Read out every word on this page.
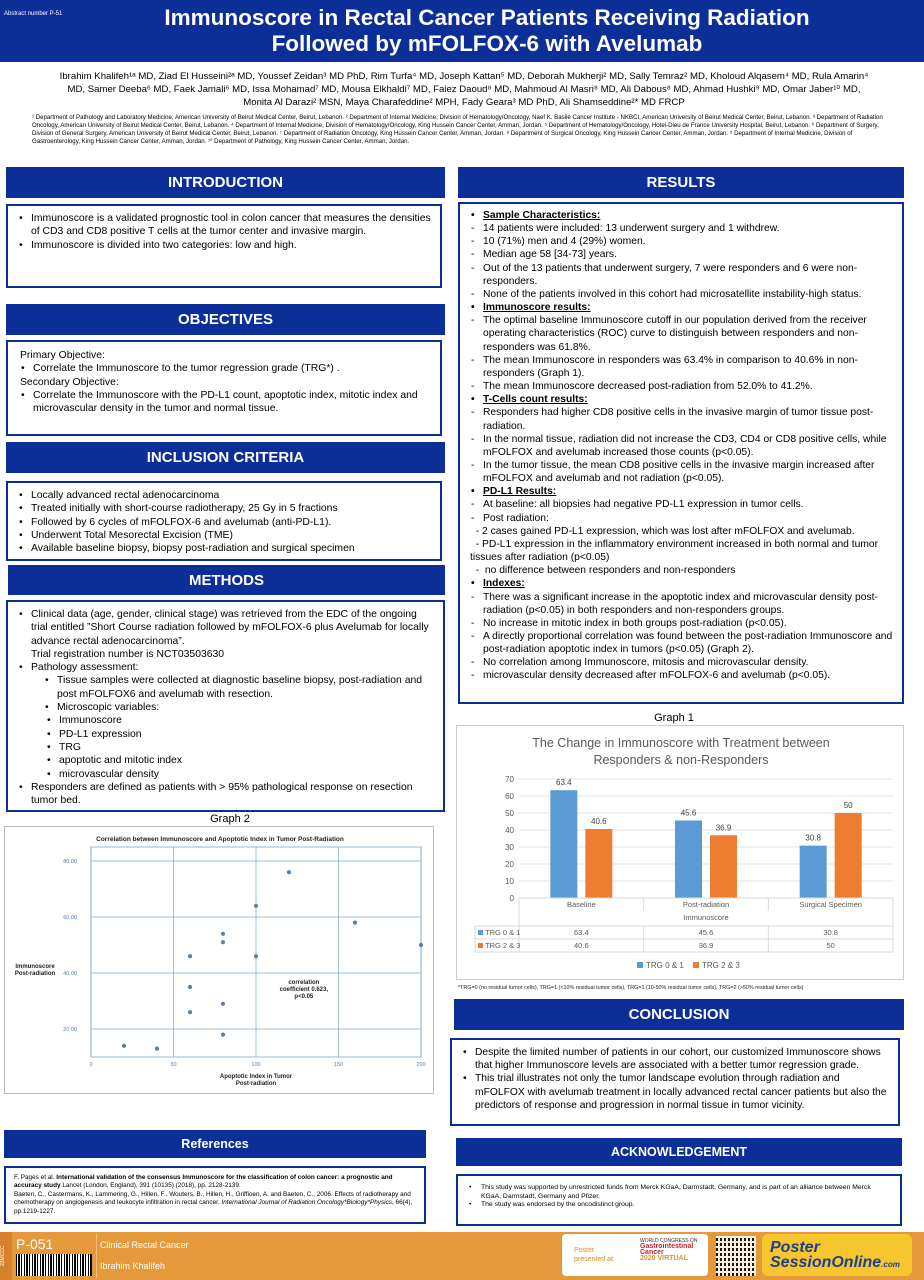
Abstract number P-51	Immunoscore in Rectal Cancer Patients Receiving Radiation
Followed by mFOLFOX-6 with Avelumab
Ibrahim Khalifeh¹ᵃ MD, Ziad El Husseini²ᵃ MD, Youssef Zeidan³ MD PhD, Rim Turfa⁴ MD, Joseph Kattan⁵ MD, Deborah Mukherji² MD, Sally Temraz² MD, Kholoud Alqasem⁴ MD, Rula Amarin⁴
MD, Samer Deeba⁶ MD, Faek Jamali⁶ MD, Issa Mohamad⁷ MD, Mousa Elkhaldi⁷ MD, Faiez Daoud⁸ MD, Mahmoud Al Masri⁸ MD, Ali Dabous⁸ MD, Ahmad Hushki⁹ MD, Omar Jaber¹⁰ MD,
Monita Al Darazi² MSN, Maya Charafeddine² MPH, Fady Geara³ MD PhD, Ali Shamseddine²* MD FRCP
¹ Department of Pathology and Laboratory Medicine, American University of Beirut Medical Center, Beirut, Lebanon. ² Department of Internal Medicine, Division of Hematology/Oncology, Naef K. Basile Cancer Institute - NKBCI, American University of Beirut Medical Center, Beirut, Lebanon. ³ Department of Radiation Oncology, American University of Beirut Medical Center, Beirut, Lebanon. ⁴ Department of Internal Medicine, Division of Hematology/Oncology, King Hussein Cancer Center, Amman, Jordan. ⁵ Department of Hematology/Oncology, Hotel-Dieu de France University Hospital, Beirut, Lebanon. ⁶ Department of Surgery, Division of General Surgery, American University of Beirut Medical Center, Beirut, Lebanon. ⁷ Department of Radiation Oncology, King Hussein Cancer Center, Amman, Jordan. ⁸ Department of Surgical Oncology, King Hussein Cancer Center, Amman, Jordan. ⁹ Department of Internal Medicine, Division of Gastroenterology, King Hussein Cancer Center, Amman, Jordan. ¹⁰ Department of Pathology, King Hussein Cancer Center, Amman, Jordan.
INTRODUCTION
• Immunoscore is a validated prognostic tool in colon cancer that measures the densities of CD3 and CD8 positive T cells at the tumor center and invasive margin.
• Immunoscore is divided into two categories: low and high.
OBJECTIVES
Primary Objective:
• Correlate the Immunoscore to the tumor regression grade (TRG*) .
Secondary Objective:
• Correlate the Immunoscore with the PD-L1 count, apoptotic index, mitotic index and microvascular density in the tumor and normal tissue.
INCLUSION CRITERIA
• Locally advanced rectal adenocarcinoma
• Treated initially with short-course radiotherapy, 25 Gy in 5 fractions
• Followed by 6 cycles of mFOLFOX-6 and avelumab (anti-PD-L1).
• Underwent Total Mesorectal Excision (TME)
• Available baseline biopsy, biopsy post-radiation and surgical specimen
METHODS
• Clinical data (age, gender, clinical stage) was retrieved from the EDC of the ongoing trial entitled ”Short Course radiation followed by mFOLFOX-6 plus Avelumab for locally advance rectal adenocarcinoma”.
Trial registration number is NCT03503630
• Pathology assessment:
• Tissue samples were collected at diagnostic baseline biopsy, post-radiation and post mFOLFOX6 and avelumab with resection.
• Microscopic variables:
• Immunoscore
• PD-L1 expression
• TRG
• apoptotic and mitotic index
• microvascular density
• Responders are defined as patients with > 95% pathological response on resection tumor bed.
Graph 2
Correlation between Immunoscore and Apoptotic Index in Tumor Post-Radiation
0	50	100	150	200
20.00
40.00
60.00
80.00
Immunoscore
Post-radiation
Apoptotic Index in Tumor
Post-radiation
correlation
coefficient 0.623,
p<0.05
References
F. Pages et al. International validation of the consensus Immunoscore for the classification of colon cancer: a prognostic and accuracy study Lancet (London, England), 391 (10135) (2018), pp. 2128-2139.
Baeten, C., Castermans, K., Lammering, G., Hillen, F., Wouters, B., Hillen, H., Griffioen, A. and Baeten, C., 2006. Effects of radiotherapy and chemotherapy on angiogenesis and leukocyte infiltration in rectal cancer. International Journal of Radiation Oncology*Biology*Physics, 66(4), pp.1219-1227.
RESULTS
• Sample Characteristics:
- 14 patients were included: 13 underwent surgery and 1 withdrew.
- 10 (71%) men and 4 (29%) women.
- Median age 58 [34-73] years.
- Out of the 13 patients that underwent surgery, 7 were responders and 6 were non-responders.
- None of the patients involved in this cohort had microsatellite instability-high status.
• Immunoscore results:
- The optimal baseline Immunoscore cutoff in our population derived from the receiver operating characteristics (ROC) curve to distinguish between responders and non-responders was 61.8%.
- The mean Immunoscore in responders was 63.4% in comparison to 40.6% in non-responders (Graph 1).
- The mean Immunoscore decreased post-radiation from 52.0% to 41.2%.
• T-Cells count results:
- Responders had higher CD8 positive cells in the invasive margin of tumor tissue post-radiation.
- In the normal tissue, radiation did not increase the CD3, CD4 or CD8 positive cells, while mFOLFOX and avelumab increased those counts (p<0.05).
- In the tumor tissue, the mean CD8 positive cells in the invasive margin increased after mFOLFOX and avelumab and not radiation (p<0.05).
• PD-L1 Results:
- At baseline: all biopsies had negative PD-L1 expression in tumor cells.
- Post radiation:
- 2 cases gained PD-L1 expression, which was lost after mFOLFOX and avelumab.
- PD-L1 expression in the inflammatory environment increased in both normal and tumor tissues after radiation (p<0.05)
-  no difference between responders and non-responders
• Indexes:
- There was a significant increase in the apoptotic index and microvascular density post-radiation (p<0.05) in both responders and non-responders groups.
- No increase in mitotic index in both groups post-radiation (p<0.05).
- A directly proportional correlation was found between the post-radiation Immunoscore and post-radiation apoptotic index in tumors (p<0.05) (Graph 2).
- No correlation among Immunoscore, mitosis and microvascular density.
- microvascular density decreased after mFOLFOX-6 and avelumab (p<0.05).
Graph 1
The Change in Immunoscore with Treatment between
Responders & non-Responders
0
10
20
30
40
50
60
70	63.4
40.6
45.6
36.9
30.8
50
Baseline	Post-radiation	Surgical Specimen
Immunoscore
TRG 0 & 1	63.4	45.6	30.8
TRG 2 & 3	40.6	36.9	50
TRG 0 & 1 TRG 2 & 3
*TRG=0 (no residual tumor cells), TRG=1 (<10% residual tumor cells), TRG=1 (10-50% residual tumor cells), TRG=2 (>50% residual tumor cells)
CONCLUSION
• Despite the limited number of patients in our cohort, our customized Immunoscore shows that higher Immunoscore levels are associated with a better tumor regression grade.
• This trial illustrates not only the tumor landscape evolution through radiation and mFOLFOX with avelumab treatment in locally advanced rectal cancer patients but also the predictors of response and progression in normal tissue in tumor vicinity.
ACKNOWLEDGEMENT
• This study was supported by unrestricted funds from Merck KGaA, Darmstadt, Germany, and is part of an alliance between Merck KGaA, Darmstadt, Germany and Pfizer.
• The study was endorsed by the oncodistinct group.
22MCCC
P-051	Clinical Rectal Cancer
Ibrahim Khalifeh
Poster
presented at:
WORLD CONGRESS ON
Gastrointestinal
Cancer
2020 VIRTUAL
Poster
SessionOnline.com
